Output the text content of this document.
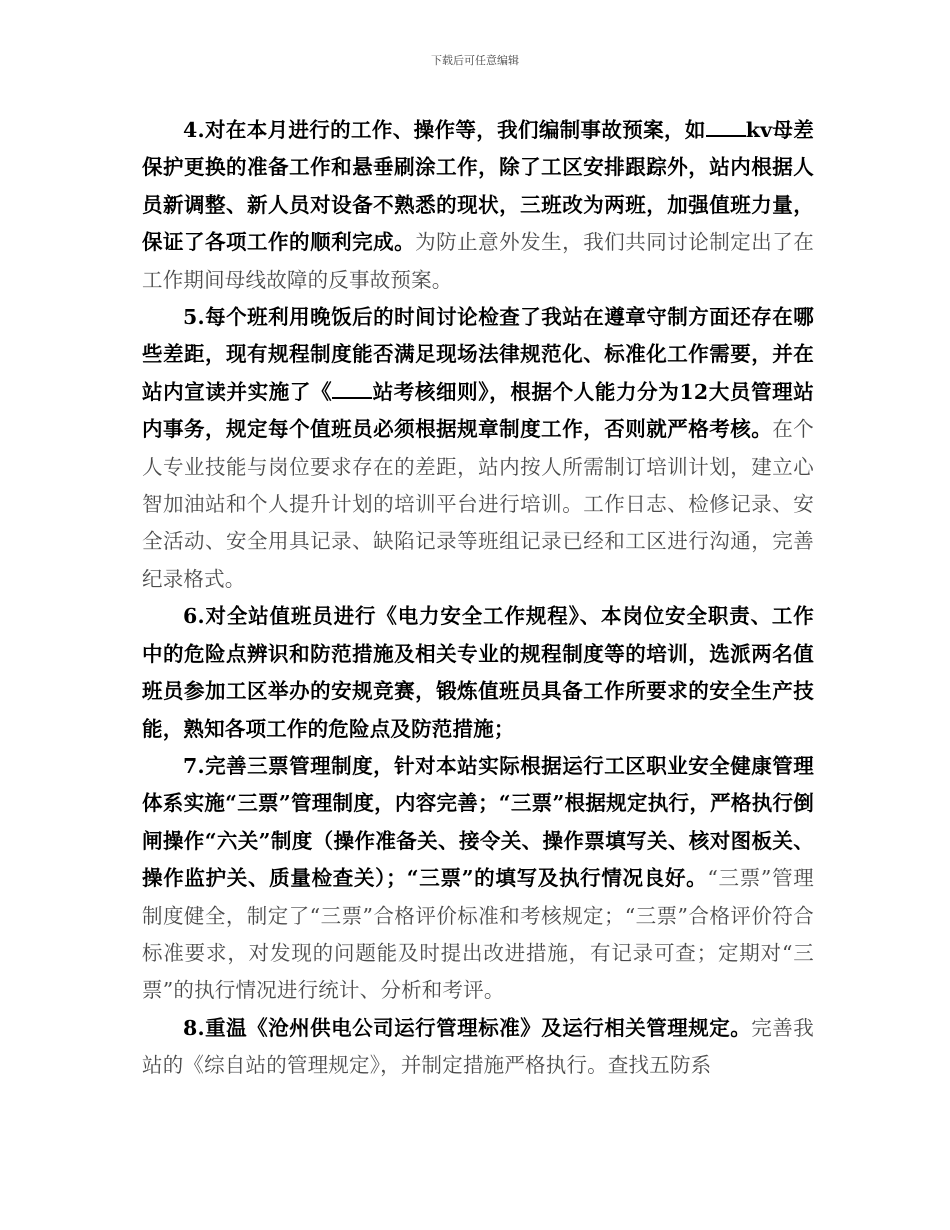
下载后可任意编辑

4.对在本月进行的工作、操作等，我们编制事故预案，如 kv母差保护更换的准备工作和悬垂刷涂工作，除了工区安排跟踪外，站内根据人员新调整、新人员对设备不熟悉的现状，三班改为两班，加强值班力量，保证了各项工作的顺利完成。为防止意外发生，我们共同讨论制定出了在工作期间母线故障的反事故预案。

5.每个班利用晚饭后的时间讨论检查了我站在遵章守制方面还存在哪些差距，现有规程制度能否满足现场法律规范化、标准化工作需要，并在站内宣读并实施了《 站考核细则》，根据个人能力分为12大员管理站内事务，规定每个值班员必须根据规章制度工作，否则就严格考核。在个人专业技能与岗位要求存在的差距，站内按人所需制订培训计划，建立心智加油站和个人提升计划的培训平台进行培训。工作日志、检修记录、安全活动、安全用具记录、缺陷记录等班组记录已经和工区进行沟通，完善纪录格式。

6.对全站值班员进行《电力安全工作规程》、本岗位安全职责、工作中的危险点辨识和防范措施及相关专业的规程制度等的培训，选派两名值班员参加工区举办的安规竞赛，锻炼值班员具备工作所要求的安全生产技能，熟知各项工作的危险点及防范措施；

7.完善三票管理制度，针对本站实际根据运行工区职业安全健康管理体系实施“三票”管理制度，内容完善；“三票”根据规定执行，严格执行倒闸操作“六关”制度（操作准备关、接令关、操作票填写关、核对图板关、操作监护关、质量检查关）；“三票”的填写及执行情况良好。“三票”管理制度健全，制定了“三票”合格评价标准和考核规定；“三票”合格评价符合标准要求，对发现的问题能及时提出改进措施，有记录可查；定期对“三票”的执行情况进行统计、分析和考评。

8.重温《沧州供电公司运行管理标准》及运行相关管理规定。完善我站的《综自站的管理规定》，并制定措施严格执行。查找五防系
